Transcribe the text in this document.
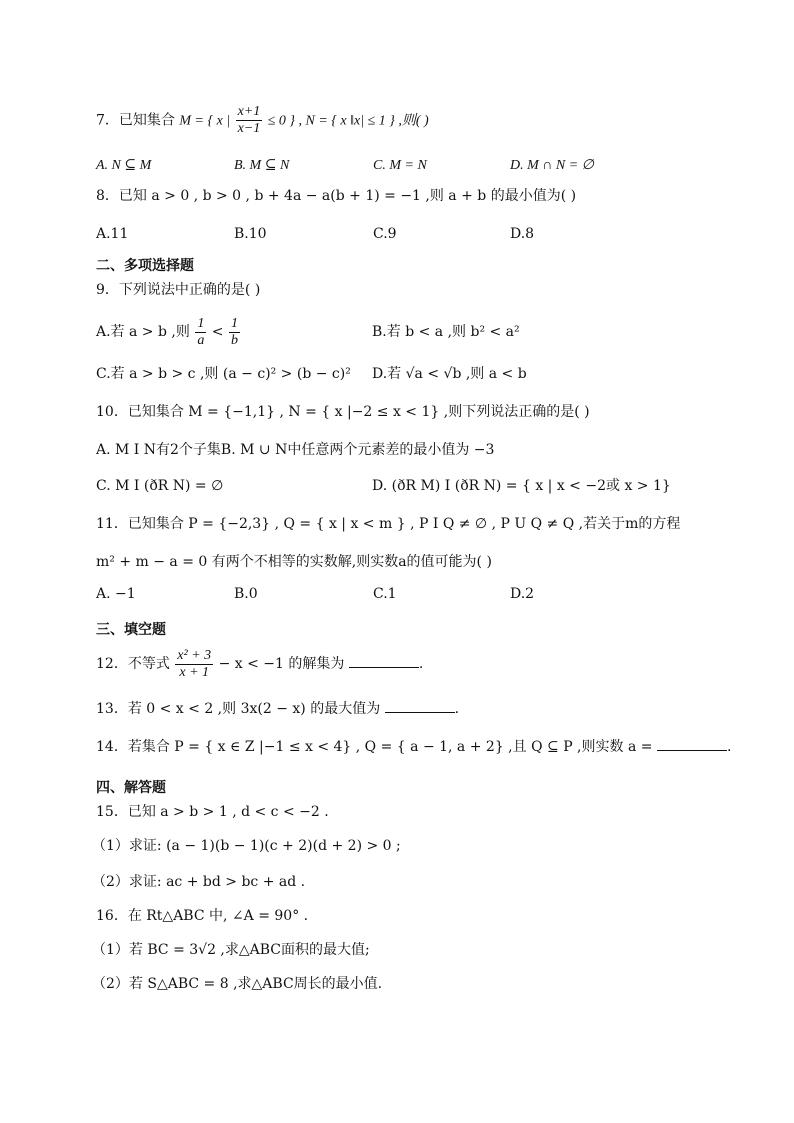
7．已知集合 M = { x | $\frac{x+1}{x-1} \le 0$ } , N = { x ‖x| ≤ 1 } ,则( )
A. N ⊆ M	B. M ⊆ N	C. M = N	D. M ∩ N = ∅
8．已知 a > 0 , b > 0 , b + 4a − a(b + 1) = −1 ,则 a + b 的最小值为( )
A.11	B.10	C.9	D.8
二、多项选择题
9．下列说法中正确的是( )
A.若 a > b ,则 $\frac{1}{a} < \frac{1}{b}$	B.若 b < a ,则 b² < a²
C.若 a > b > c ,则 (a − c)² > (b − c)² D.若 √a < √b ,则 a < b
10．已知集合 M = {−1,1} , N = { x |−2 ≤ x < 1} ,则下列说法正确的是( )
A. M I N有2个子集B. M ∪ N中任意两个元素差的最小值为 −3
C. M I (ðR N) = ∅	D. (ðR M) I (ðR N) = { x | x < −2或 x > 1}
11．已知集合 P = {−2,3} , Q = { x | x < m } , P I Q ≠ ∅ , P U Q ≠ Q ,若关于m的方程
m² + m − a = 0 有两个不相等的实数解,则实数a的值可能为( )
A. −1	B.0	C.1	D.2
三、填空题
12．不等式 $\frac{\text{x² + 3}}{x + 1} - x < -1$ 的解集为	.
13．若 0 < x < 2 ,则 3x(2 − x) 的最大值为	.
14．若集合 P = { x ∈ Z |−1 ≤ x < 4} , Q = { a − 1, a + 2} ,且 Q ⊆ P ,则实数 a =	.
四、解答题
15．已知 a > b > 1 , d < c < −2 .
（1）求证: (a − 1)(b − 1)(c + 2)(d + 2) > 0 ;
（2）求证: ac + bd > bc + ad .
16．在 Rt△ABC 中, ∠A = 90° .
（1）若 BC = 3√2 ,求△ABC面积的最大值;
（2）若 S△ABC = 8 ,求△ABC周长的最小值.
